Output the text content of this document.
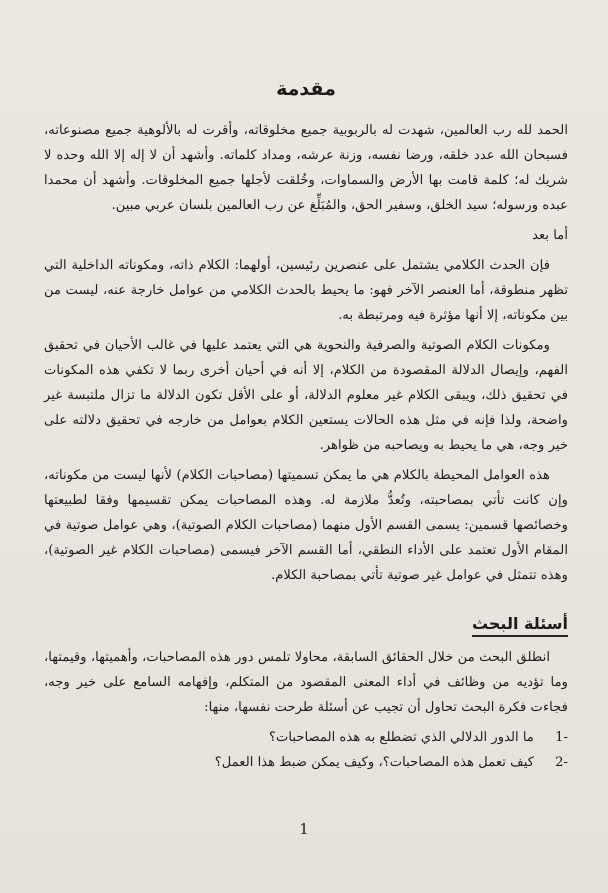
مقدمة

الحمد لله رب العالمين، شهدت له بالربوبية جميع مخلوقاته، وأقرت له بالألوهية جميع مصنوعاته، فسبحان الله عدد خلقه، ورضا نفسه، وزنة عرشه، ومداد كلماته. وأشهد أن لا إله إلا الله وحده لا شريك له؛ كلمة قامت بها الأرض والسماوات، وخُلقت لأجلها جميع المخلوقات. وأشهد أن محمدا عبده ورسوله؛ سيد الخلق، وسفير الحق، والمُبَلِّغ عن رب العالمين بلسان عربي مبين.

أما بعد

فإن الحدث الكلامي يشتمل على عنصرين رئيسين، أولهما: الكلام ذاته، ومكوناته الداخلية التي تظهر منطوقة، أما العنصر الآخر فهو: ما يحيط بالحدث الكلامي من عوامل خارجة عنه، ليست من بين مكوناته، إلا أنها مؤثرة فيه ومرتبطة به.

ومكونات الكلام الصوتية والصرفية والنحوية هي التي يعتمد عليها في غالب الأحيان في تحقيق الفهم، وإيصال الدلالة المقصودة من الكلام، إلا أنه في أحيان أخرى ربما لا تكفي هذه المكونات في تحقيق ذلك، ويبقى الكلام غير معلوم الدلالة، أو على الأقل تكون الدلالة ما تزال ملتبسة غير واضحة، ولذا فإنه في مثل هذه الحالات يستعين الكلام بعوامل من خارجه في تحقيق دلالته على خير وجه، هي ما يحيط به ويصاحبه من ظواهر.

هذه العوامل المحيطة بالكلام هي ما يمكن تسميتها (مصاحبات الكلام) لأنها ليست من مكوناته، وإن كانت تأتي بمصاحبته، وتُعدُّ ملازمة له. وهذه المصاحبات يمكن تقسيمها وفقا لطبيعتها وخصائصها قسمين: يسمى القسم الأول منهما (مصاحبات الكلام الصوتية)، وهي عوامل صوتية في المقام الأول تعتمد على الأداء النطقي، أما القسم الآخر فيسمى (مصاحبات الكلام غير الصوتية)، وهذه تتمثل في عوامل غير صوتية تأتي بمصاحبة الكلام.

أسئلة البحث

انطلق البحث من خلال الحقائق السابقة، محاولا تلمس دور هذه المصاحبات، وأهميتها، وقيمتها، وما تؤديه من وظائف في أداء المعنى المقصود من المتكلم، وإفهامه السامع على خير وجه، فجاءت فكرة البحث تحاول أن تجيب عن أسئلة طرحت نفسها، منها:

1-
ما الدور الدلالي الذي تضطلع به هذه المصاحبات؟
2-
كيف تعمل هذه المصاحبات؟، وكيف يمكن ضبط هذا العمل؟
1
